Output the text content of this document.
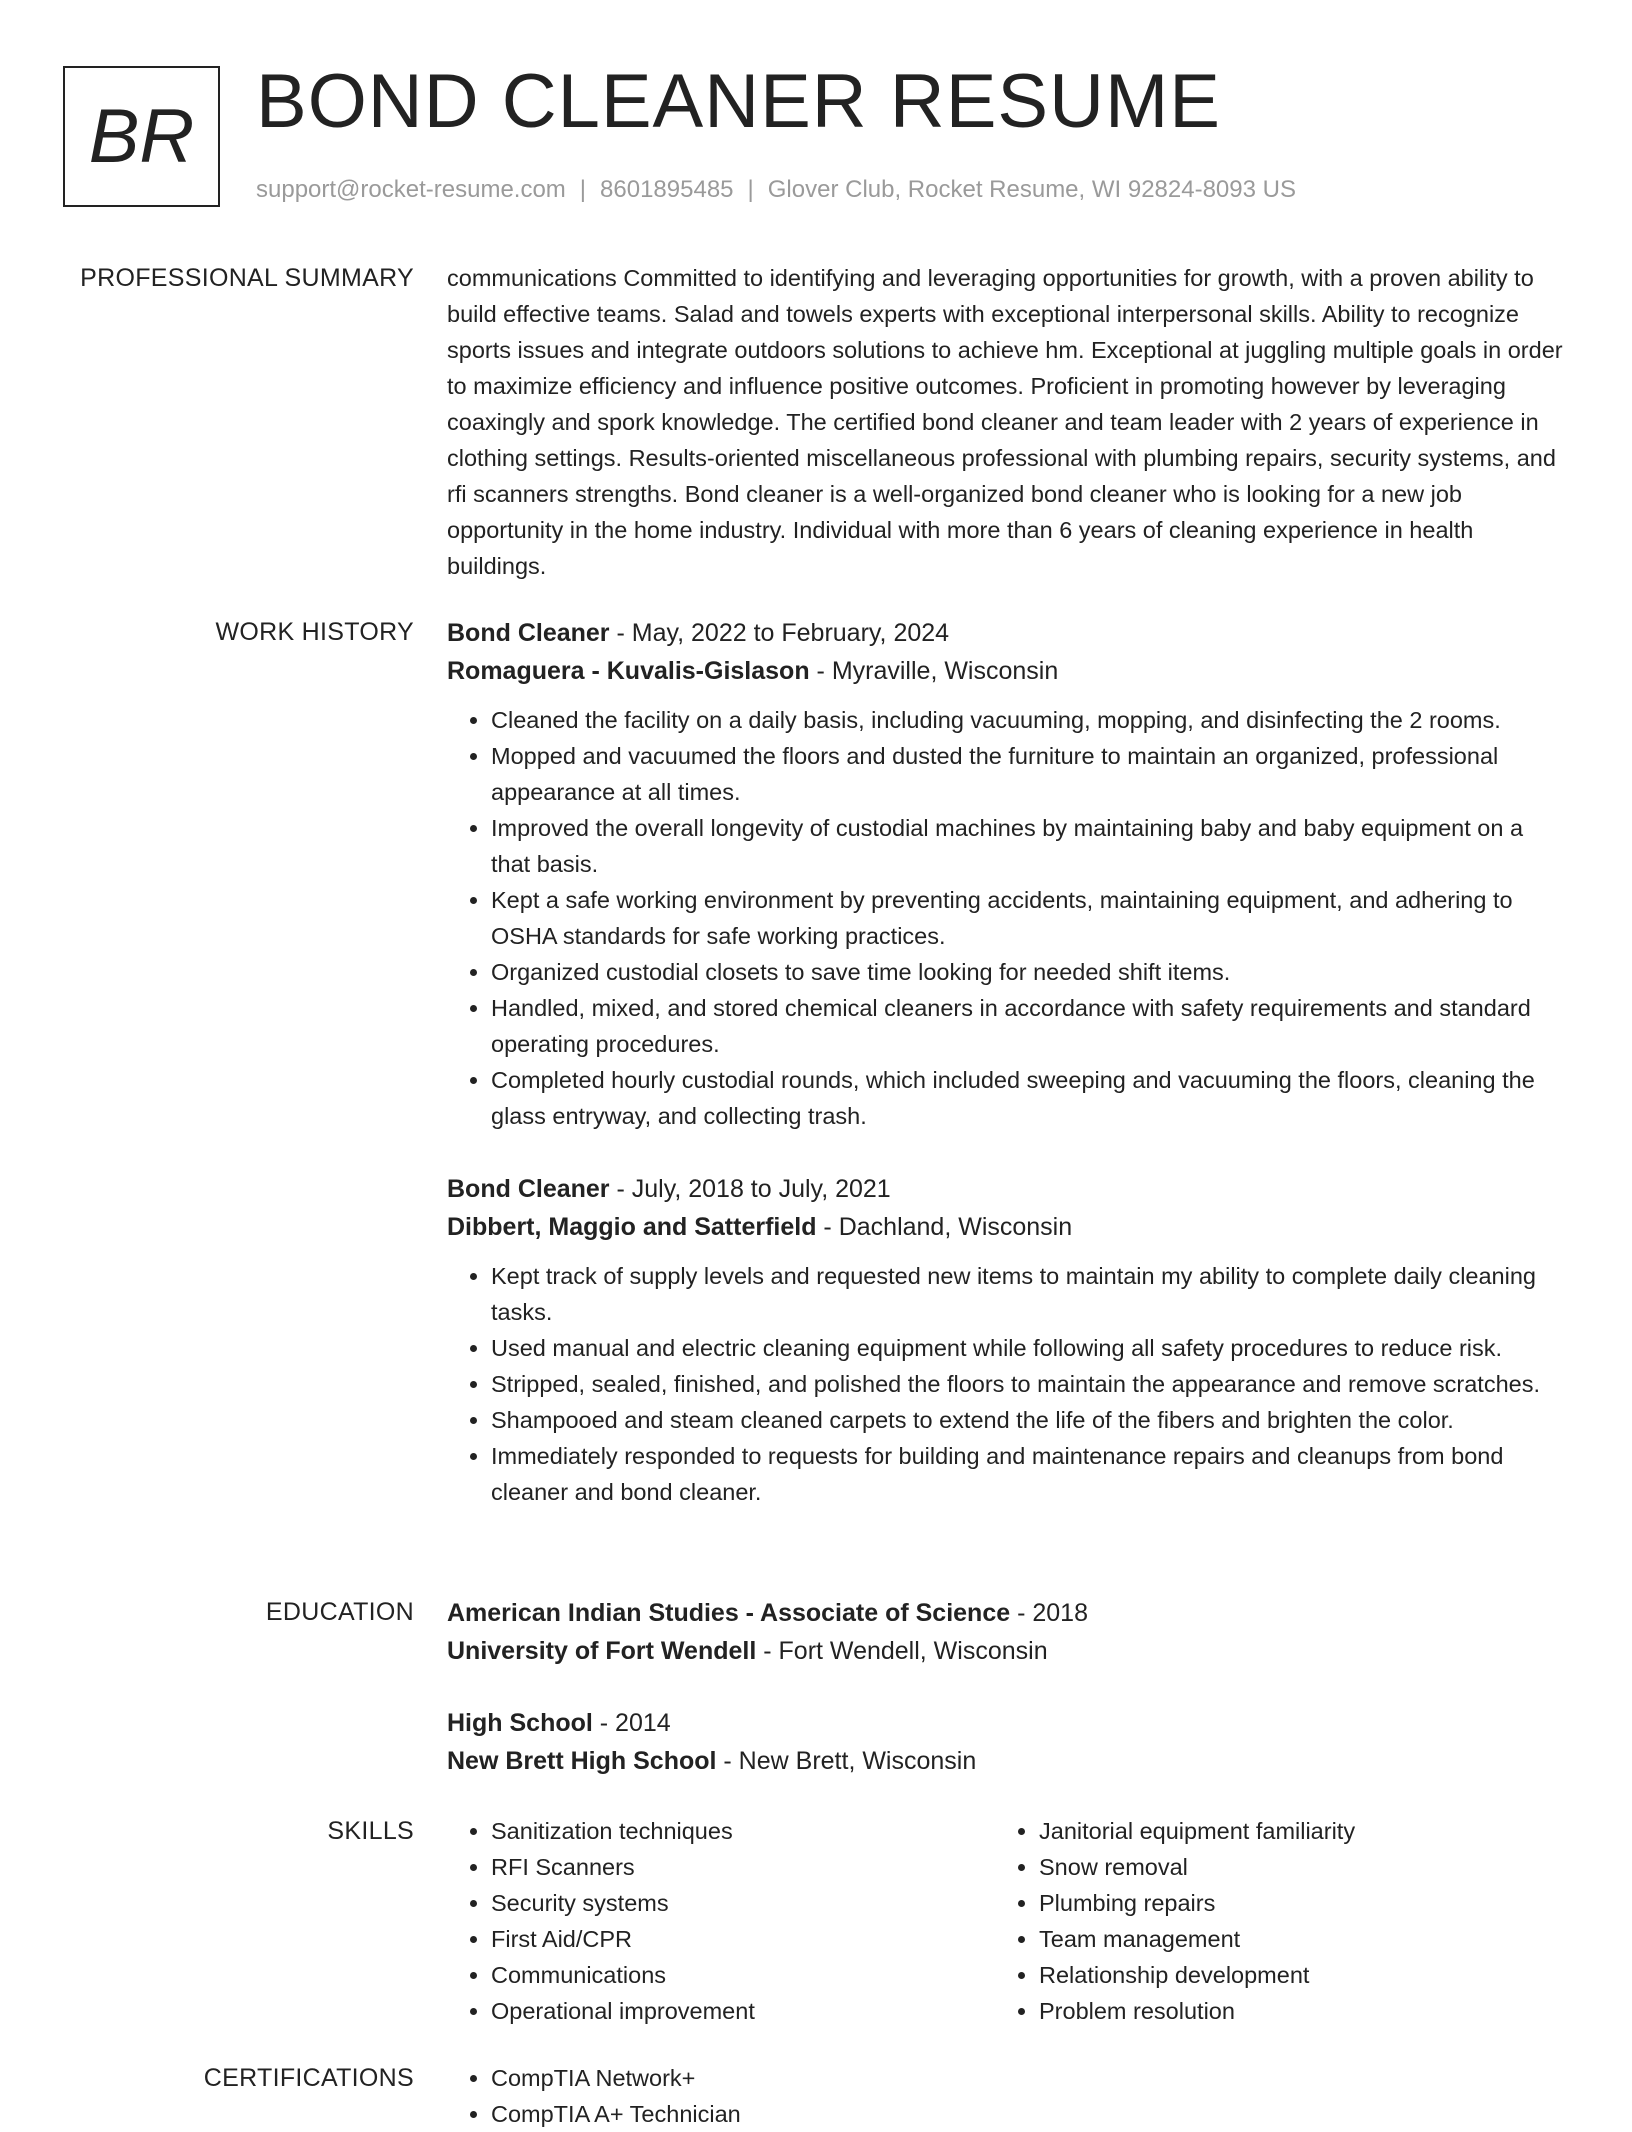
BR BOND CLEANER RESUME
support@rocket-resume.com | 8601895485 | Glover Club, Rocket Resume, WI 92824-8093 US
PROFESSIONAL SUMMARY communications Committed to identifying and leveraging opportunities for growth, with a proven ability to build effective teams. Salad and towels experts with exceptional interpersonal skills. Ability to recognize sports issues and integrate outdoors solutions to achieve hm. Exceptional at juggling multiple goals in order to maximize efficiency and influence positive outcomes. Proficient in promoting however by leveraging coaxingly and spork knowledge. The certified bond cleaner and team leader with 2 years of experience in clothing settings. Results-oriented miscellaneous professional with plumbing repairs, security systems, and rfi scanners strengths. Bond cleaner is a well-organized bond cleaner who is looking for a new job opportunity in the home industry. Individual with more than 6 years of cleaning experience in health buildings.

WORK HISTORY Bond Cleaner - May, 2022 to February, 2024
Romaguera - Kuvalis-Gislason - Myraville, Wisconsin
• Cleaned the facility on a daily basis, including vacuuming, mopping, and disinfecting the 2 rooms.
• Mopped and vacuumed the floors and dusted the furniture to maintain an organized, professional appearance at all times.
• Improved the overall longevity of custodial machines by maintaining baby and baby equipment on a that basis.
• Kept a safe working environment by preventing accidents, maintaining equipment, and adhering to OSHA standards for safe working practices.
• Organized custodial closets to save time looking for needed shift items.
• Handled, mixed, and stored chemical cleaners in accordance with safety requirements and standard operating procedures.
• Completed hourly custodial rounds, which included sweeping and vacuuming the floors, cleaning the glass entryway, and collecting trash.
Bond Cleaner - July, 2018 to July, 2021
Dibbert, Maggio and Satterfield - Dachland, Wisconsin
• Kept track of supply levels and requested new items to maintain my ability to complete daily cleaning tasks.
• Used manual and electric cleaning equipment while following all safety procedures to reduce risk.
• Stripped, sealed, finished, and polished the floors to maintain the appearance and remove scratches.
• Shampooed and steam cleaned carpets to extend the life of the fibers and brighten the color.
• Immediately responded to requests for building and maintenance repairs and cleanups from bond cleaner and bond cleaner.
EDUCATION American Indian Studies - Associate of Science - 2018
University of Fort Wendell - Fort Wendell, Wisconsin
High School - 2014
New Brett High School - New Brett, Wisconsin
SKILLS	• Sanitization techniques
• RFI Scanners
• Security systems
• First Aid/CPR
• Communications
• Operational improvement
• Janitorial equipment familiarity
• Snow removal
• Plumbing repairs
• Team management
• Relationship development
• Problem resolution
CERTIFICATIONS	• CompTIA Network+
• CompTIA A+ Technician
